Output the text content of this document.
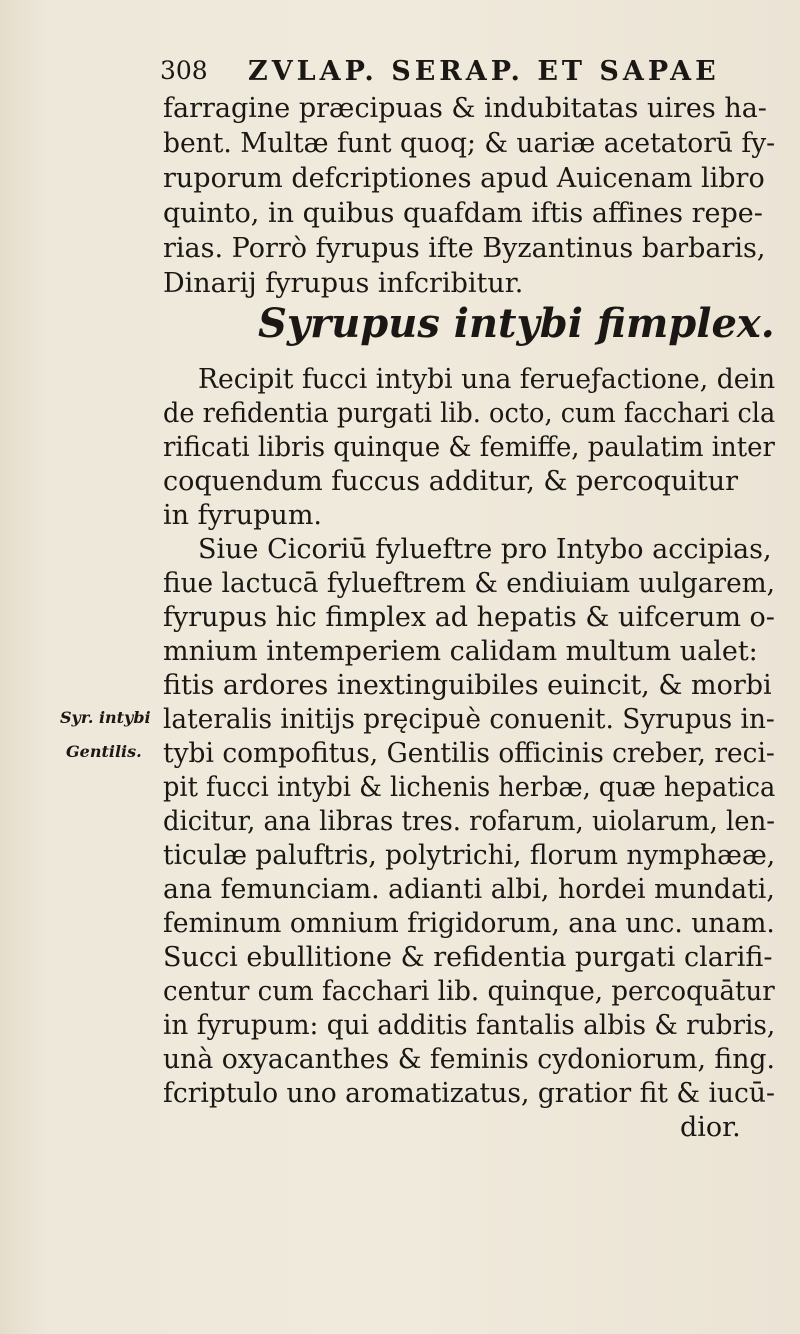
308 ZVLAP. SERAP. ET SAPAE
farragine præcipuas & indubitatas uires ha-
bent. Multæ funt quoq; & uariæ acetatorū fy-
ruporum defcriptiones apud Auicenam libro
quinto, in quibus quafdam iftis affines repe-
rias. Porrò fyrupus ifte Byzantinus barbaris,
Dinarij fyrupus infcribitur.
Syrupus intybi fimplex.
Recipit fucci intybi una ferueƒactione, dein
de refidentia purgati lib. octo, cum facchari cla
rificati libris quinque & femiffe, paulatim inter
coquendum fuccus additur, & percoquitur
in fyrupum.
Siue Cicoriū fylueftre pro Intybo accipias,
fiue lactucā fylueftrem & endiuiam uulgarem,
fyrupus hic fimplex ad hepatis & uifcerum o-
mnium intemperiem calidam multum ualet:
fitis ardores inextinguibiles euincit, & morbi
lateralis initijs pręcipuè conuenit. Syrupus in-
tybi compofitus, Gentilis officinis creber, reci-
pit fucci intybi & lichenis herbæ, quæ hepatica
dicitur, ana libras tres. rofarum, uiolarum, len-
ticulæ paluftris, polytrichi, florum nymphææ,
ana femunciam. adianti albi, hordei mundati,
feminum omnium frigidorum, ana unc. unam.
Succi ebullitione & refidentia purgati clarifi-
centur cum facchari lib. quinque, percoquātur
in fyrupum: qui additis fantalis albis & rubris,
unà oxyacanthes & feminis cydoniorum, fing.
fcriptulo uno aromatizatus, gratior fit & iucū-
dior.
Syr. intybi
Gentilis.
